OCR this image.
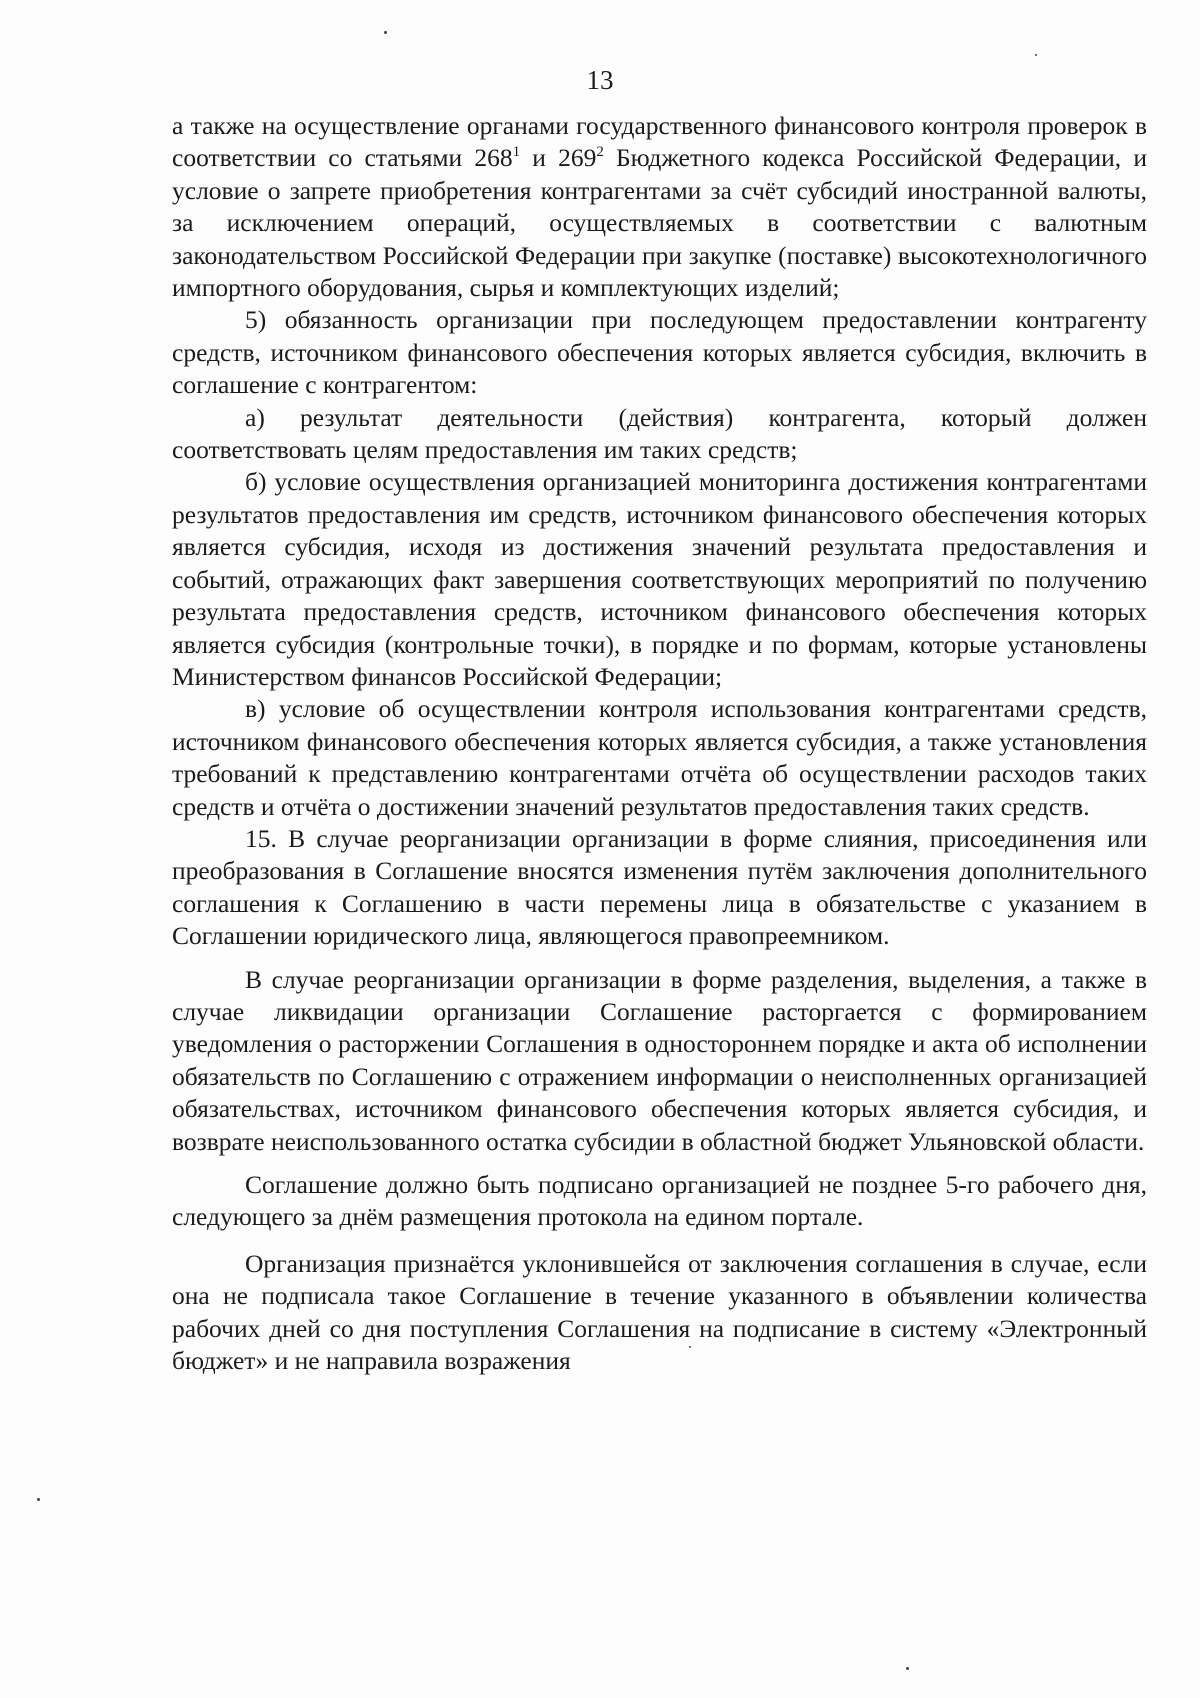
13

а также на осуществление органами государственного финансового контроля проверок в соответствии со статьями $268^1$ и $269^2$ Бюджетного кодекса Российской Федерации, и условие о запрете приобретения контрагентами за счёт субсидий иностранной валюты, за исключением операций, осуществляемых в соответствии с валютным законодательством Российской Федерации при закупке (поставке) высокотехнологичного импортного оборудования, сырья и комплектующих изделий;

5) обязанность организации при последующем предоставлении контрагенту средств, источником финансового обеспечения которых является субсидия, включить в соглашение с контрагентом:

а) результат деятельности (действия) контрагента, который должен соответствовать целям предоставления им таких средств;

б) условие осуществления организацией мониторинга достижения контрагентами результатов предоставления им средств, источником финансового обеспечения которых является субсидия, исходя из достижения значений результата предоставления и событий, отражающих факт завершения соответствующих мероприятий по получению результата предоставления средств, источником финансового обеспечения которых является субсидия (контрольные точки), в порядке и по формам, которые установлены Министерством финансов Российской Федерации;

в) условие об осуществлении контроля использования контрагентами средств, источником финансового обеспечения которых является субсидия, а также установления требований к представлению контрагентами отчёта об осуществлении расходов таких средств и отчёта о достижении значений результатов предоставления таких средств.

15. В случае реорганизации организации в форме слияния, присоединения или преобразования в Соглашение вносятся изменения путём заключения дополнительного соглашения к Соглашению в части перемены лица в обязательстве с указанием в Соглашении юридического лица, являющегося правопреемником.

В случае реорганизации организации в форме разделения, выделения, а также в случае ликвидации организации Соглашение расторгается с формированием уведомления о расторжении Соглашения в одностороннем порядке и акта об исполнении обязательств по Соглашению с отражением информации о неисполненных организацией обязательствах, источником финансового обеспечения которых является субсидия, и возврате неиспользованного остатка субсидии в областной бюджет Ульяновской области.

Соглашение должно быть подписано организацией не позднее 5-го рабочего дня, следующего за днём размещения протокола на едином портале.

Организация признаётся уклонившейся от заключения соглашения в случае, если она не подписала такое Соглашение в течение указанного в объявлении количества рабочих дней со дня поступления Соглашения на подписание в систему «Электронный бюджет» и не направила возражения
